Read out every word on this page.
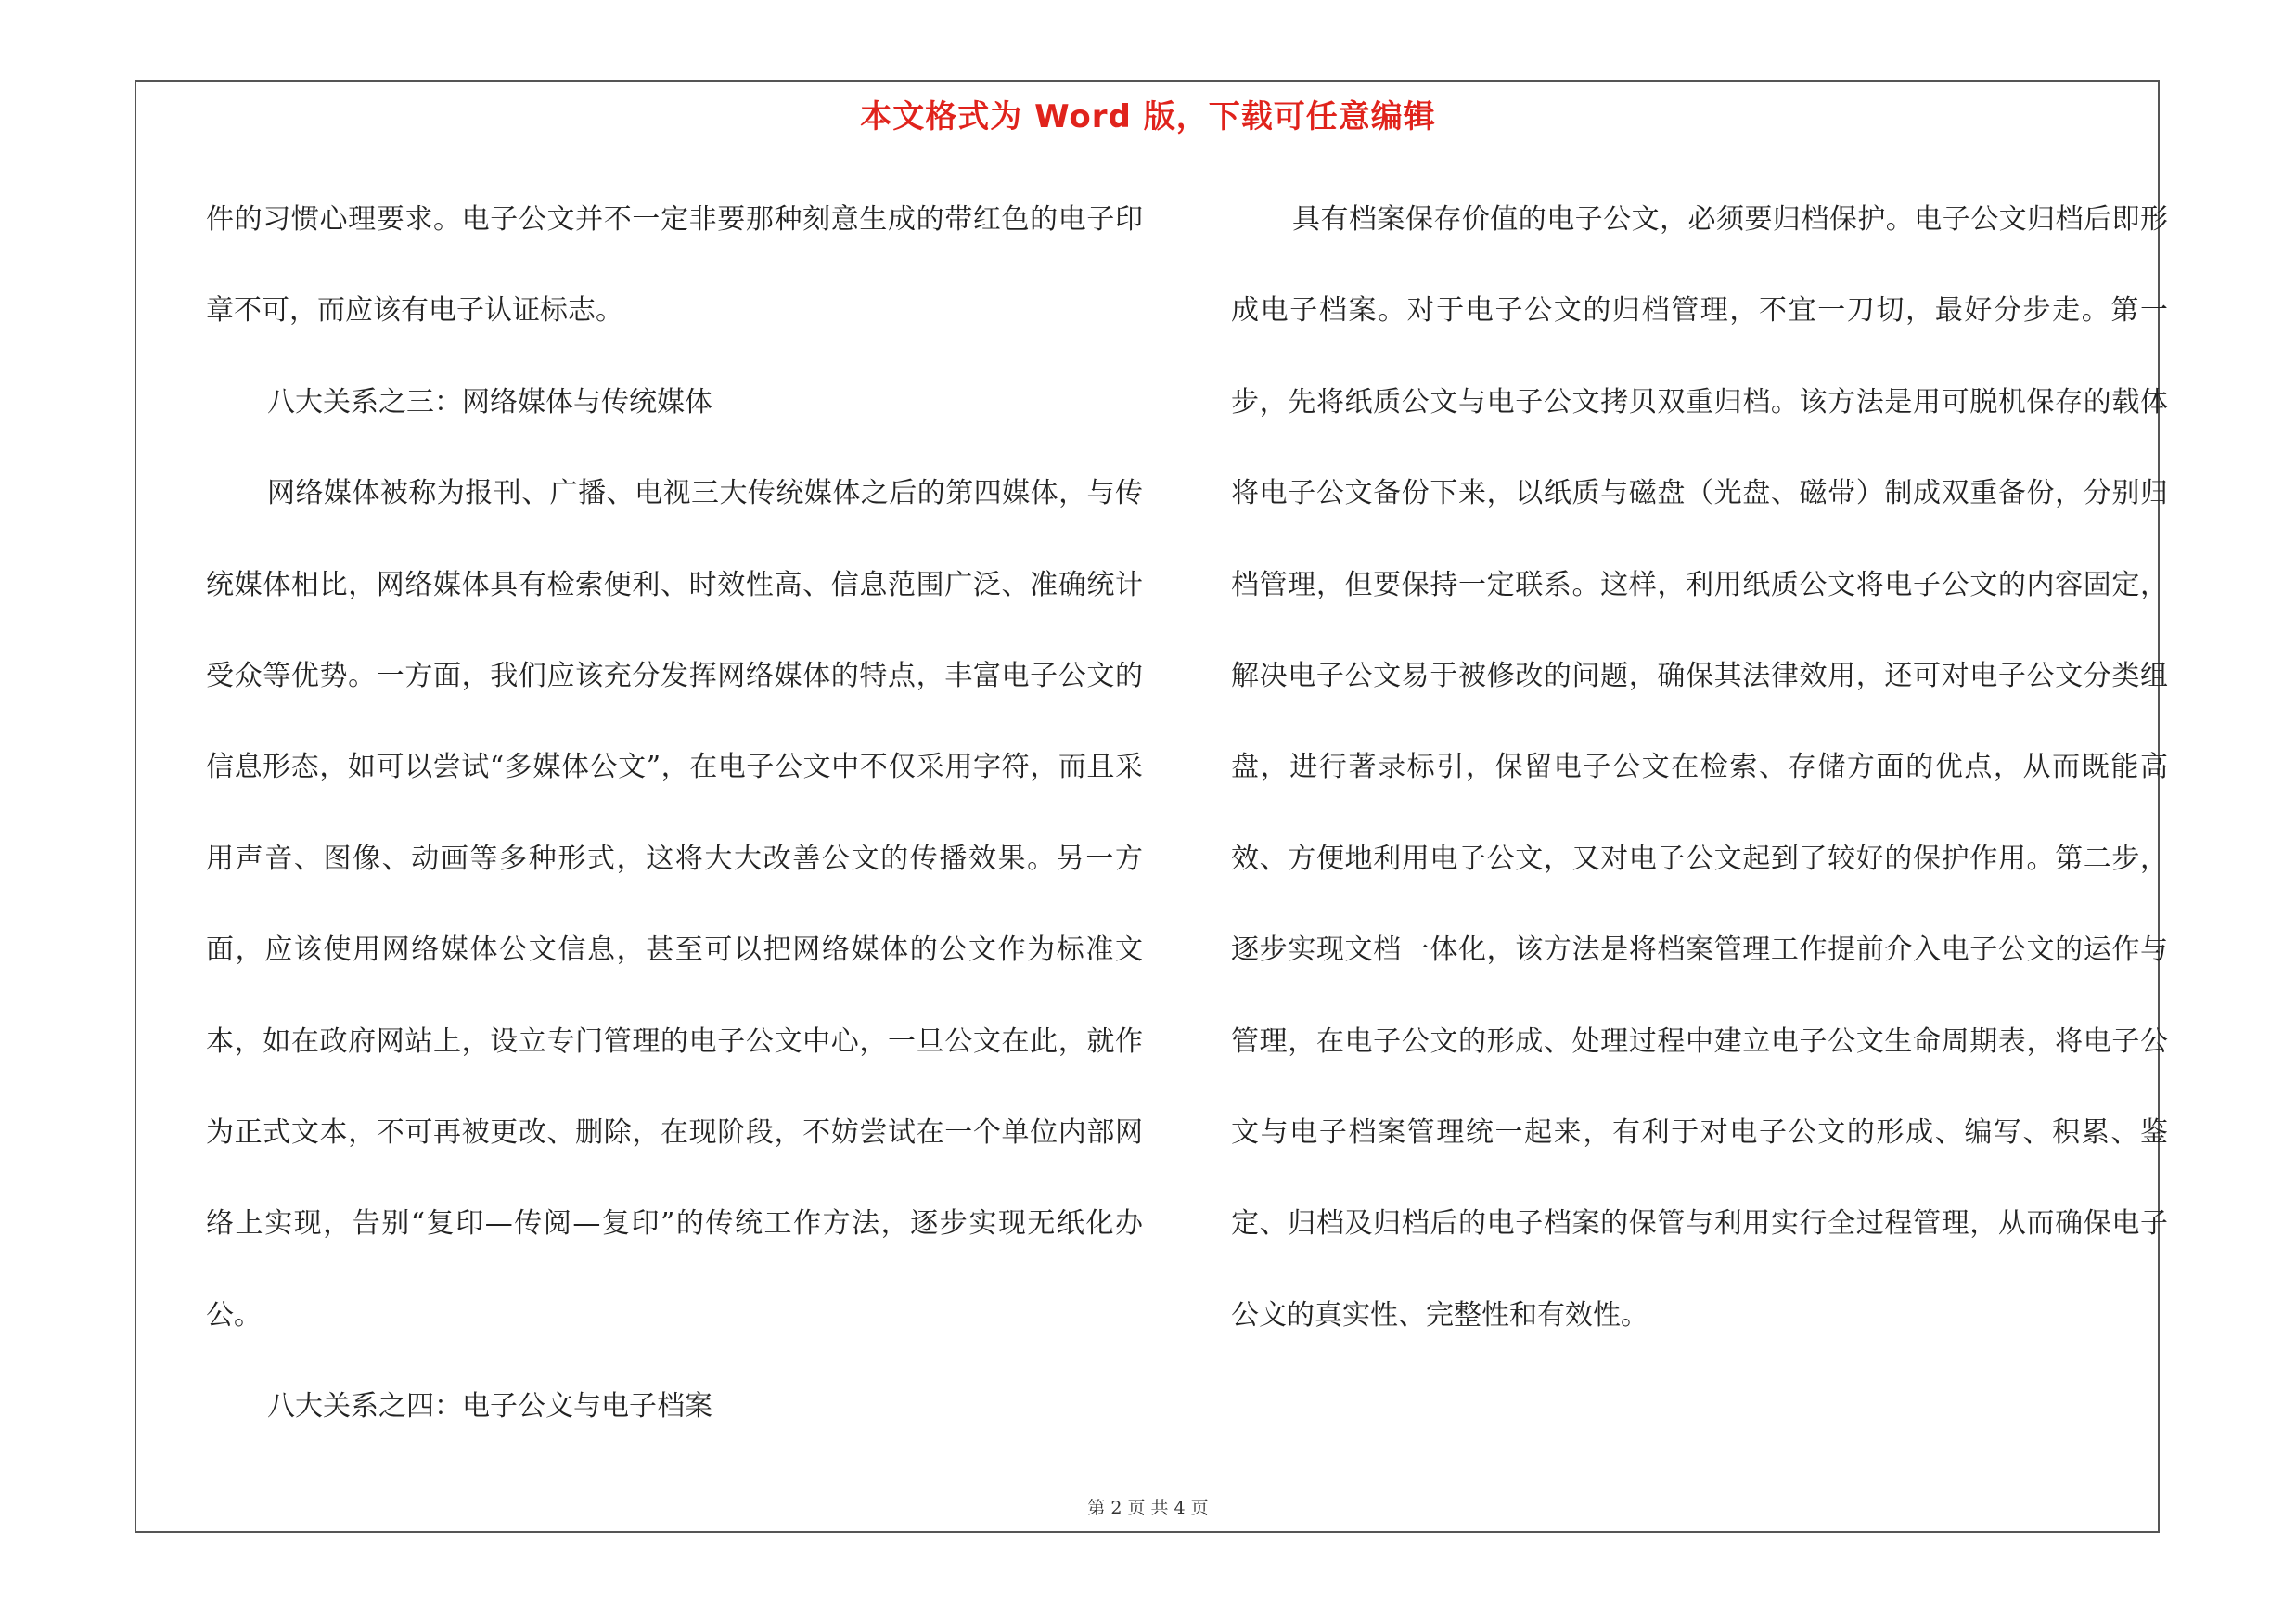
本文格式为 Word 版，下载可任意编辑

件的习惯心理要求。电子公文并不一定非要那种刻意生成的带红色的电子印章不可，而应该有电子认证标志。

八大关系之三：网络媒体与传统媒体

网络媒体被称为报刊、广播、电视三大传统媒体之后的第四媒体，与传统媒体相比，网络媒体具有检索便利、时效性高、信息范围广泛、准确统计受众等优势。一方面，我们应该充分发挥网络媒体的特点，丰富电子公文的信息形态，如可以尝试“多媒体公文”，在电子公文中不仅采用字符，而且采用声音、图像、动画等多种形式，这将大大改善公文的传播效果。另一方面，应该使用网络媒体公文信息，甚至可以把网络媒体的公文作为标准文本，如在政府网站上，设立专门管理的电子公文中心，一旦公文在此，就作为正式文本，不可再被更改、删除，在现阶段，不妨尝试在一个单位内部网络上实现，告别“复印—传阅—复印”的传统工作方法，逐步实现无纸化办公。

八大关系之四：电子公文与电子档案

具有档案保存价值的电子公文，必须要归档保护。电子公文归档后即形成电子档案。对于电子公文的归档管理，不宜一刀切，最好分步走。第一步，先将纸质公文与电子公文拷贝双重归档。该方法是用可脱机保存的载体将电子公文备份下来，以纸质与磁盘（光盘、磁带）制成双重备份，分别归档管理，但要保持一定联系。这样，利用纸质公文将电子公文的内容固定，解决电子公文易于被修改的问题，确保其法律效用，还可对电子公文分类组盘，进行著录标引，保留电子公文在检索、存储方面的优点，从而既能高效、方便地利用电子公文，又对电子公文起到了较好的保护作用。第二步，逐步实现文档一体化，该方法是将档案管理工作提前介入电子公文的运作与管理，在电子公文的形成、处理过程中建立电子公文生命周期表，将电子公文与电子档案管理统一起来，有利于对电子公文的形成、编写、积累、鉴定、归档及归档后的电子档案的保管与利用实行全过程管理，从而确保电子公文的真实性、完整性和有效性。

第 2 页 共 4 页
